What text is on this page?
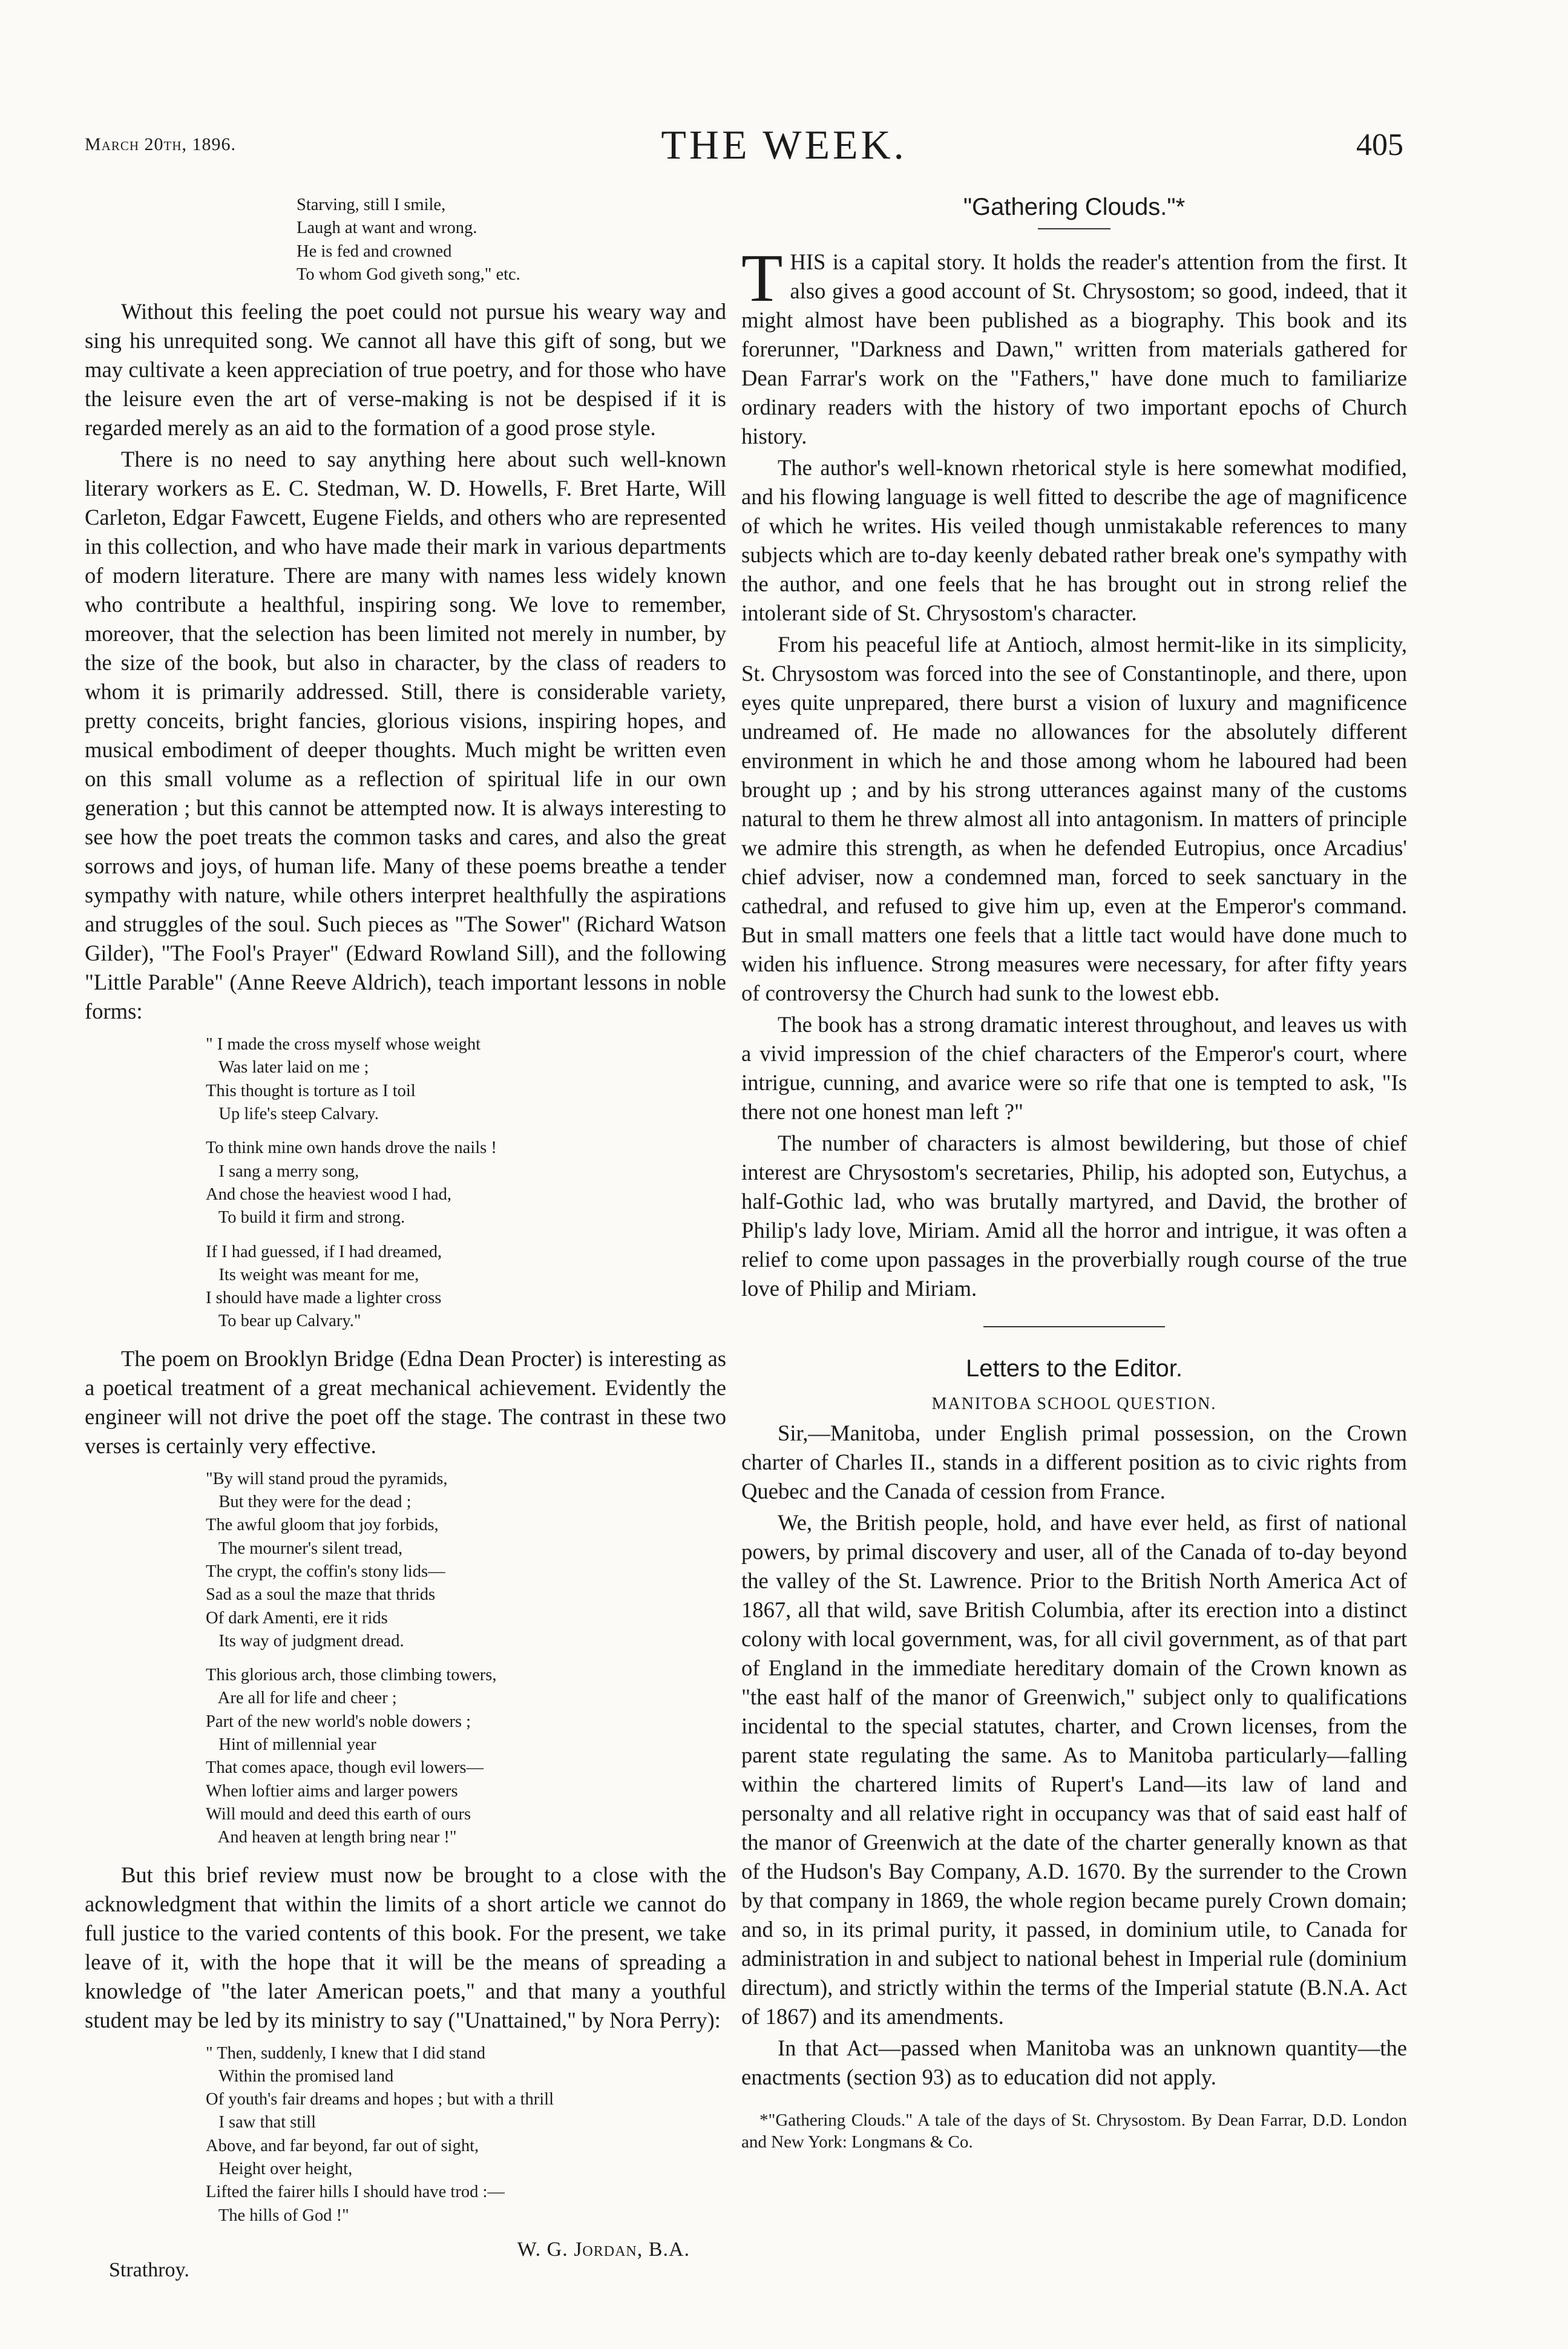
March 20th, 1896.	THE WEEK.	405
Starving, still I smile,
Laugh at want and wrong.
He is fed and crowned
To whom God giveth song," etc.

Without this feeling the poet could not pursue his weary way and sing his unrequited song. We cannot all have this gift of song, but we may cultivate a keen appreciation of true poetry, and for those who have the leisure even the art of verse-making is not be despised if it is regarded merely as an aid to the formation of a good prose style.

There is no need to say anything here about such well-known literary workers as E. C. Stedman, W. D. Howells, F. Bret Harte, Will Carleton, Edgar Fawcett, Eugene Fields, and others who are represented in this collection, and who have made their mark in various departments of modern literature. There are many with names less widely known who contribute a healthful, inspiring song. We love to remember, moreover, that the selection has been limited not merely in number, by the size of the book, but also in character, by the class of readers to whom it is primarily addressed. Still, there is considerable variety, pretty conceits, bright fancies, glorious visions, inspiring hopes, and musical embodiment of deeper thoughts. Much might be written even on this small volume as a reflection of spiritual life in our own generation ; but this cannot be attempted now. It is always interesting to see how the poet treats the common tasks and cares, and also the great sorrows and joys, of human life. Many of these poems breathe a tender sympathy with nature, while others interpret healthfully the aspirations and struggles of the soul. Such pieces as "The Sower" (Richard Watson Gilder), "The Fool's Prayer" (Edward Rowland Sill), and the following "Little Parable" (Anne Reeve Aldrich), teach important lessons in noble forms:

" I made the cross myself whose weight
Was later laid on me ;
This thought is torture as I toil
Up life's steep Calvary.
To think mine own hands drove the nails !
I sang a merry song,
And chose the heaviest wood I had,
To build it firm and strong.
If I had guessed, if I had dreamed,
Its weight was meant for me,
I should have made a lighter cross
To bear up Calvary."

The poem on Brooklyn Bridge (Edna Dean Procter) is interesting as a poetical treatment of a great mechanical achievement. Evidently the engineer will not drive the poet off the stage. The contrast in these two verses is certainly very effective.

"By will stand proud the pyramids,
But they were for the dead ;
The awful gloom that joy forbids,
The mourner's silent tread,
The crypt, the coffin's stony lids—
Sad as a soul the maze that thrids
Of dark Amenti, ere it rids
Its way of judgment dread.
This glorious arch, those climbing towers,
Are all for life and cheer ;
Part of the new world's noble dowers ;
Hint of millennial year
That comes apace, though evil lowers—
When loftier aims and larger powers
Will mould and deed this earth of ours
And heaven at length bring near !"

But this brief review must now be brought to a close with the acknowledgment that within the limits of a short article we cannot do full justice to the varied contents of this book. For the present, we take leave of it, with the hope that it will be the means of spreading a knowledge of "the later American poets," and that many a youthful student may be led by its ministry to say ("Unattained," by Nora Perry):

" Then, suddenly, I knew that I did stand
Within the promised land
Of youth's fair dreams and hopes ; but with a thrill
I saw that still
Above, and far beyond, far out of sight,
Height over height,
Lifted the fairer hills I should have trod :—
The hills of God !"
Strathroy.
W. G. Jordan, B.A.
"Gathering Clouds."*

THIS is a capital story. It holds the reader's attention from the first. It also gives a good account of St. Chrysostom; so good, indeed, that it might almost have been published as a biography. This book and its forerunner, "Darkness and Dawn," written from materials gathered for Dean Farrar's work on the "Fathers," have done much to familiarize ordinary readers with the history of two important epochs of Church history.

The author's well-known rhetorical style is here somewhat modified, and his flowing language is well fitted to describe the age of magnificence of which he writes. His veiled though unmistakable references to many subjects which are to-day keenly debated rather break one's sympathy with the author, and one feels that he has brought out in strong relief the intolerant side of St. Chrysostom's character.

From his peaceful life at Antioch, almost hermit-like in its simplicity, St. Chrysostom was forced into the see of Constantinople, and there, upon eyes quite unprepared, there burst a vision of luxury and magnificence undreamed of. He made no allowances for the absolutely different environment in which he and those among whom he laboured had been brought up ; and by his strong utterances against many of the customs natural to them he threw almost all into antagonism. In matters of principle we admire this strength, as when he defended Eutropius, once Arcadius' chief adviser, now a condemned man, forced to seek sanctuary in the cathedral, and refused to give him up, even at the Emperor's command. But in small matters one feels that a little tact would have done much to widen his influence. Strong measures were necessary, for after fifty years of controversy the Church had sunk to the lowest ebb.

The book has a strong dramatic interest throughout, and leaves us with a vivid impression of the chief characters of the Emperor's court, where intrigue, cunning, and avarice were so rife that one is tempted to ask, "Is there not one honest man left ?"

The number of characters is almost bewildering, but those of chief interest are Chrysostom's secretaries, Philip, his adopted son, Eutychus, a half-Gothic lad, who was brutally martyred, and David, the brother of Philip's lady love, Miriam. Amid all the horror and intrigue, it was often a relief to come upon passages in the proverbially rough course of the true love of Philip and Miriam.

Letters to the Editor.
MANITOBA SCHOOL QUESTION.

Sir,—Manitoba, under English primal possession, on the Crown charter of Charles II., stands in a different position as to civic rights from Quebec and the Canada of cession from France.

We, the British people, hold, and have ever held, as first of national powers, by primal discovery and user, all of the Canada of to-day beyond the valley of the St. Lawrence. Prior to the British North America Act of 1867, all that wild, save British Columbia, after its erection into a distinct colony with local government, was, for all civil government, as of that part of England in the immediate hereditary domain of the Crown known as "the east half of the manor of Greenwich," subject only to qualifications incidental to the special statutes, charter, and Crown licenses, from the parent state regulating the same. As to Manitoba particularly—falling within the chartered limits of Rupert's Land—its law of land and personalty and all relative right in occupancy was that of said east half of the manor of Greenwich at the date of the charter generally known as that of the Hudson's Bay Company, A.D. 1670. By the surrender to the Crown by that company in 1869, the whole region became purely Crown domain; and so, in its primal purity, it passed, in dominium utile, to Canada for administration in and subject to national behest in Imperial rule (dominium directum), and strictly within the terms of the Imperial statute (B.N.A. Act of 1867) and its amendments.

In that Act—passed when Manitoba was an unknown quantity—the enactments (section 93) as to education did not apply.

*"Gathering Clouds." A tale of the days of St. Chrysostom. By Dean Farrar, D.D. London and New York: Longmans & Co.
